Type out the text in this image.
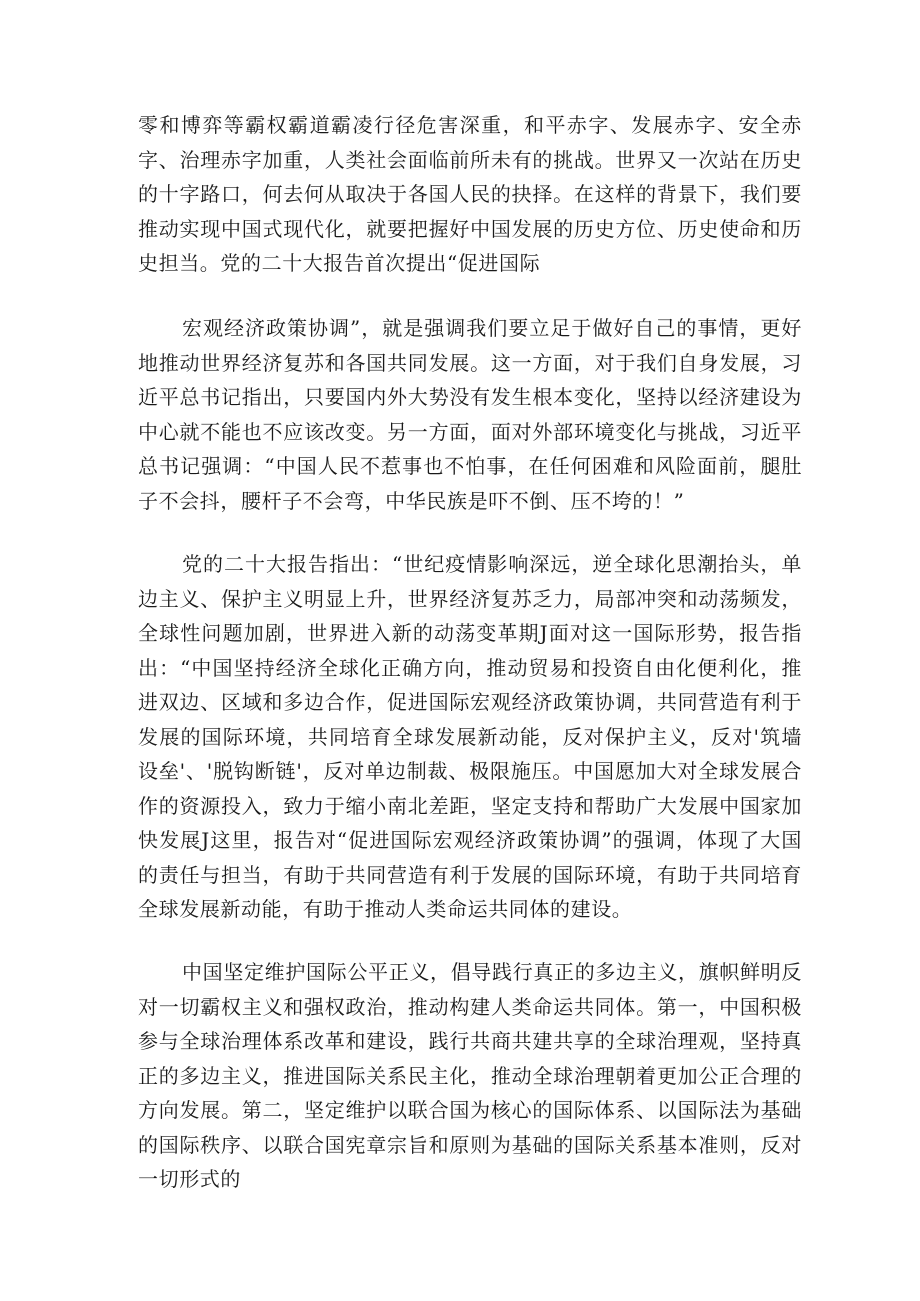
零和博弈等霸权霸道霸凌行径危害深重，和平赤字、发展赤字、安全赤字、治理赤字加重，人类社会面临前所未有的挑战。世界又一次站在历史的十字路口，何去何从取决于各国人民的抉择。在这样的背景下，我们要推动实现中国式现代化，就要把握好中国发展的历史方位、历史使命和历史担当。党的二十大报告首次提出“促进国际

宏观经济政策协调”，就是强调我们要立足于做好自己的事情，更好地推动世界经济复苏和各国共同发展。这一方面，对于我们自身发展，习近平总书记指出，只要国内外大势没有发生根本变化，坚持以经济建设为中心就不能也不应该改变。另一方面，面对外部环境变化与挑战，习近平总书记强调：“中国人民不惹事也不怕事，在任何困难和风险面前，腿肚子不会抖，腰杆子不会弯，中华民族是吓不倒、压不垮的！”

党的二十大报告指出：“世纪疫情影响深远，逆全球化思潮抬头，单边主义、保护主义明显上升，世界经济复苏乏力，局部冲突和动荡频发，全球性问题加剧，世界进入新的动荡变革期J面对这一国际形势，报告指出：“中国坚持经济全球化正确方向，推动贸易和投资自由化便利化，推进双边、区域和多边合作，促进国际宏观经济政策协调，共同营造有利于发展的国际环境，共同培育全球发展新动能，反对保护主义，反对'筑墙设垒'、'脱钩断链'，反对单边制裁、极限施压。中国愿加大对全球发展合作的资源投入，致力于缩小南北差距，坚定支持和帮助广大发展中国家加快发展J这里，报告对“促进国际宏观经济政策协调”的强调，体现了大国的责任与担当，有助于共同营造有利于发展的国际环境，有助于共同培育全球发展新动能，有助于推动人类命运共同体的建设。

中国坚定维护国际公平正义，倡导践行真正的多边主义，旗帜鲜明反对一切霸权主义和强权政治，推动构建人类命运共同体。第一，中国积极参与全球治理体系改革和建设，践行共商共建共享的全球治理观，坚持真正的多边主义，推进国际关系民主化，推动全球治理朝着更加公正合理的方向发展。第二，坚定维护以联合国为核心的国际体系、以国际法为基础的国际秩序、以联合国宪章宗旨和原则为基础的国际关系基本准则，反对一切形式的
